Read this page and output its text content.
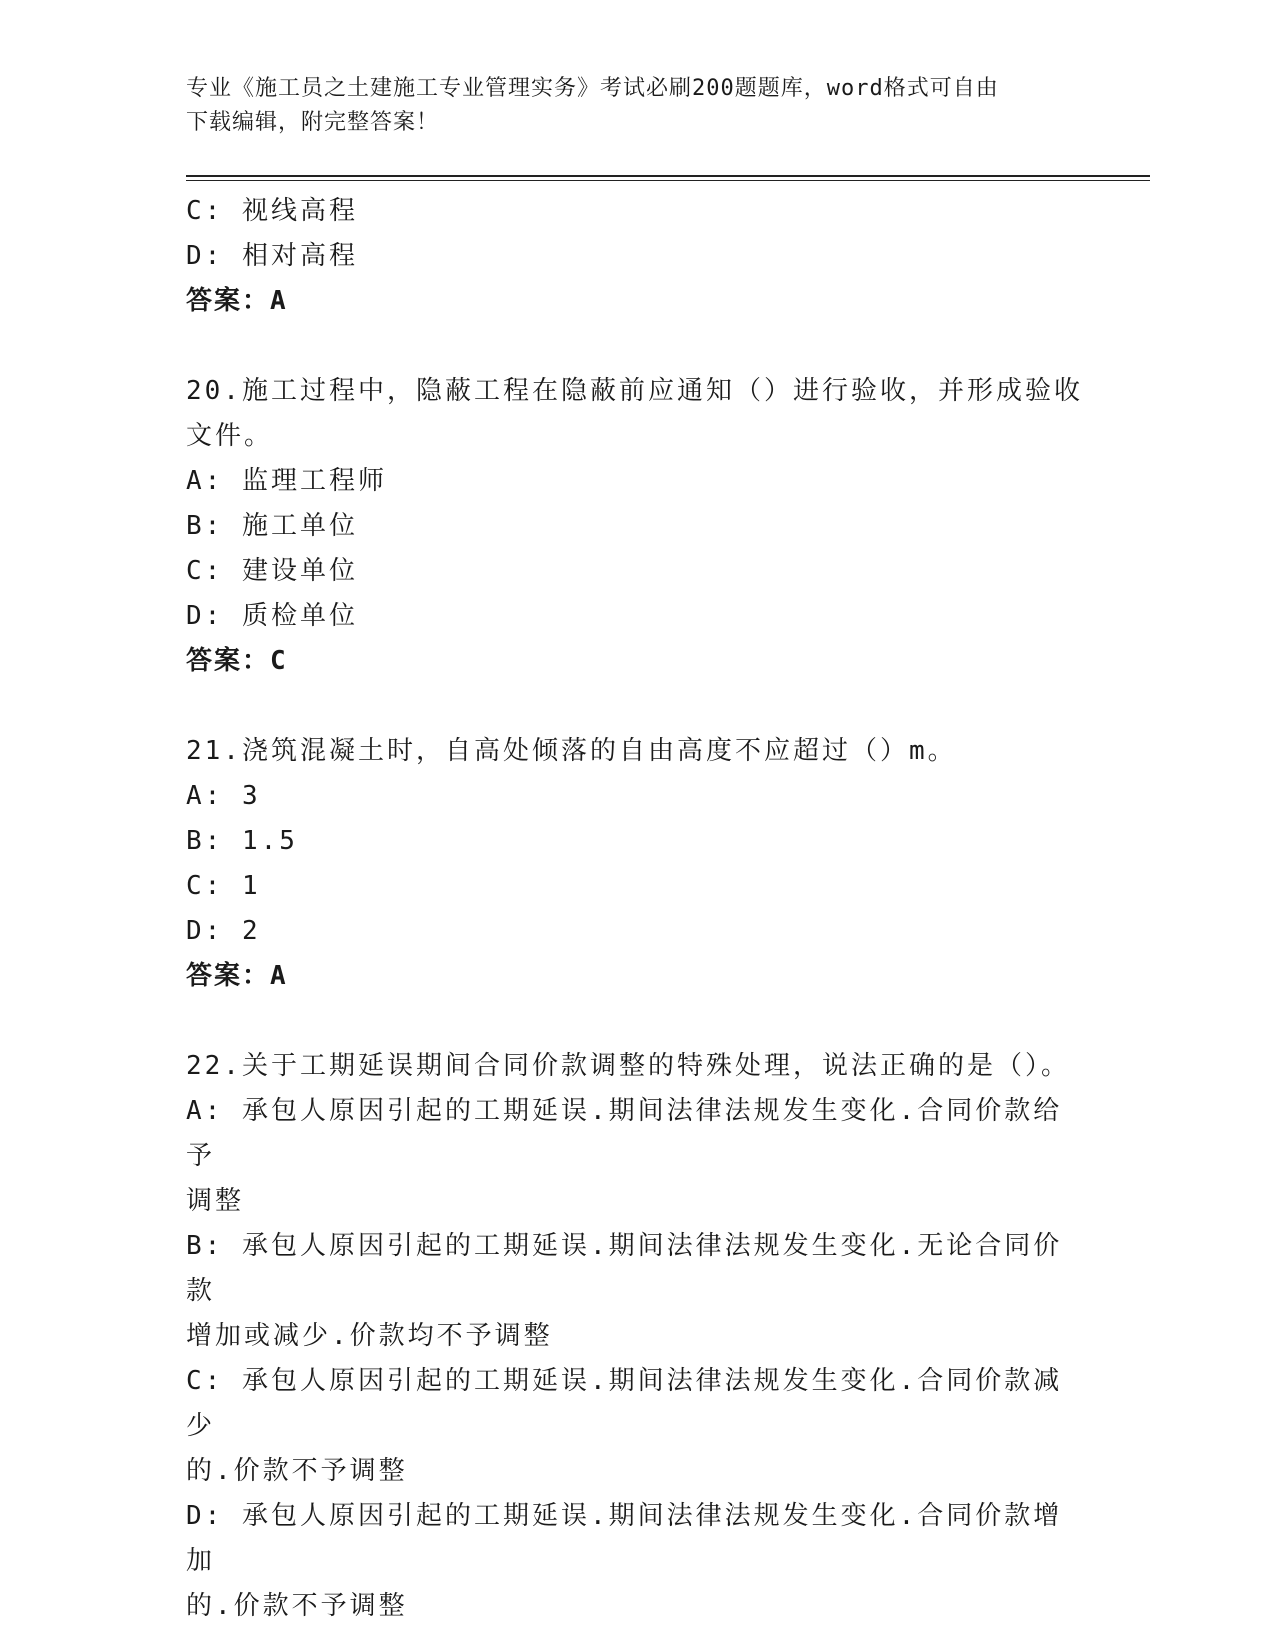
专业《施工员之土建施工专业管理实务》考试必刷200题题库，word格式可自由
下载编辑，附完整答案！
C: 视线高程
D: 相对高程
答案：A
20.施工过程中，隐蔽工程在隐蔽前应通知（）进行验收，并形成验收
文件。
A: 监理工程师
B: 施工单位
C: 建设单位
D: 质检单位
答案：C
21.浇筑混凝土时，自高处倾落的自由高度不应超过（）m。
A: 3
B: 1.5
C: 1
D: 2
答案：A
22.关于工期延误期间合同价款调整的特殊处理，说法正确的是（）。
A: 承包人原因引起的工期延误.期间法律法规发生变化.合同价款给予
调整
B: 承包人原因引起的工期延误.期间法律法规发生变化.无论合同价款
增加或减少.价款均不予调整
C: 承包人原因引起的工期延误.期间法律法规发生变化.合同价款减少
的.价款不予调整
D: 承包人原因引起的工期延误.期间法律法规发生变化.合同价款增加
的.价款不予调整
